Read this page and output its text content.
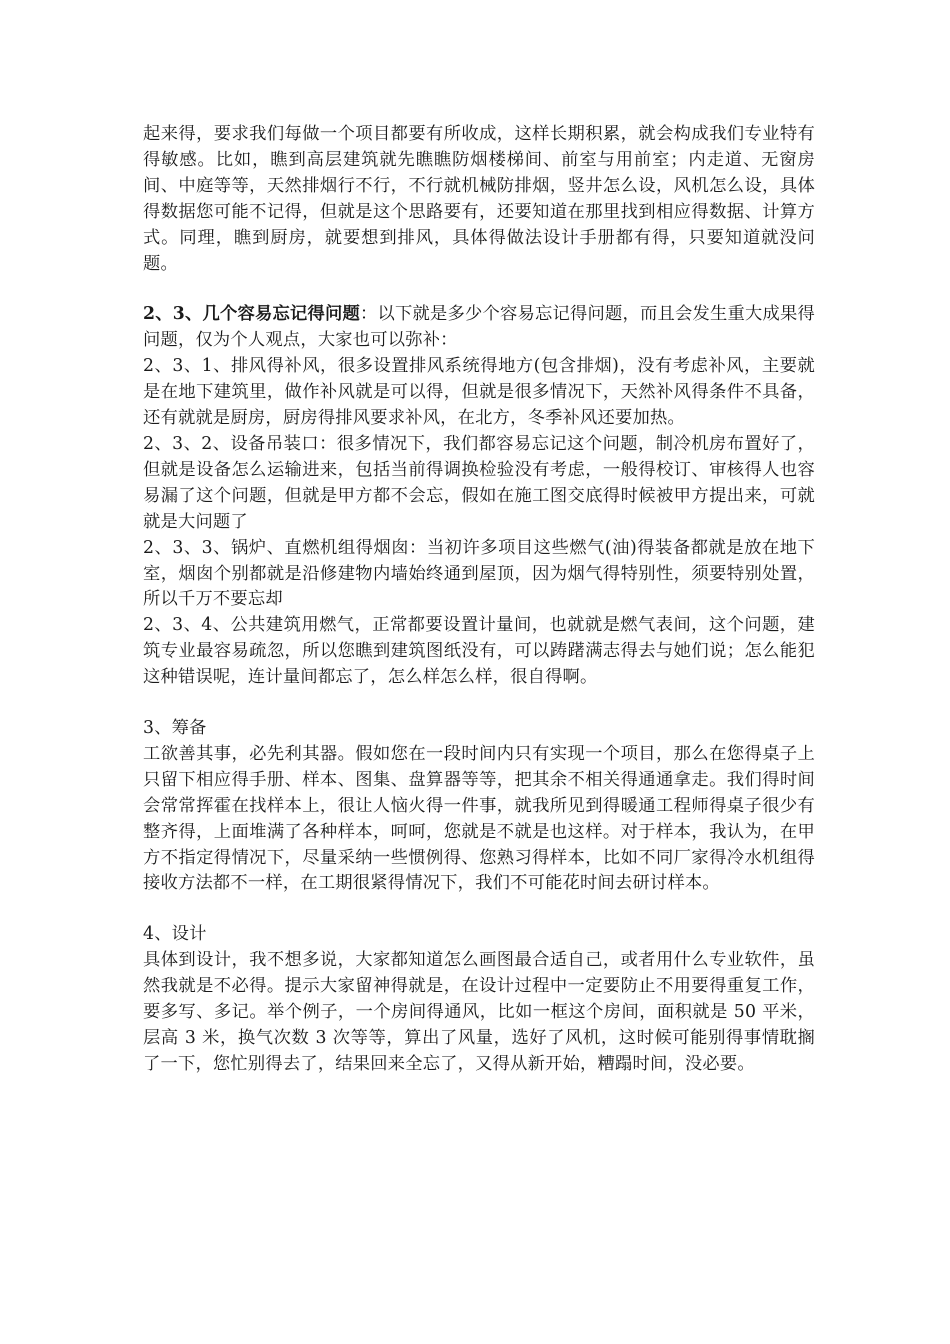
起来得，要求我们每做一个项目都要有所收成，这样长期积累，就会构成我们专业特有得敏感。比如，瞧到高层建筑就先瞧瞧防烟楼梯间、前室与用前室；内走道、无窗房间、中庭等等，天然排烟行不行，不行就机械防排烟，竖井怎么设，风机怎么设，具体得数据您可能不记得，但就是这个思路要有，还要知道在那里找到相应得数据、计算方式。同理，瞧到厨房，就要想到排风，具体得做法设计手册都有得，只要知道就没问题。

2、3、几个容易忘记得问题：以下就是多少个容易忘记得问题，而且会发生重大成果得问题，仅为个人观点，大家也可以弥补：

2、3、1、排风得补风，很多设置排风系统得地方(包含排烟)，没有考虑补风，主要就是在地下建筑里，做作补风就是可以得，但就是很多情况下，天然补风得条件不具备，还有就就是厨房，厨房得排风要求补风，在北方，冬季补风还要加热。

2、3、2、设备吊装口：很多情况下，我们都容易忘记这个问题，制冷机房布置好了，但就是设备怎么运输进来，包括当前得调换检验没有考虑，一般得校订、审核得人也容易漏了这个问题，但就是甲方都不会忘，假如在施工图交底得时候被甲方提出来，可就就是大问题了

2、3、3、锅炉、直燃机组得烟囱：当初许多项目这些燃气(油)得装备都就是放在地下室，烟囱个别都就是沿修建物内墙始终通到屋顶，因为烟气得特别性，须要特别处置，所以千万不要忘却

2、3、4、公共建筑用燃气，正常都要设置计量间，也就就是燃气表间，这个问题，建筑专业最容易疏忽，所以您瞧到建筑图纸没有，可以踌躇满志得去与她们说；怎么能犯这种错误呢，连计量间都忘了，怎么样怎么样，很自得啊。

3、筹备

工欲善其事，必先利其器。假如您在一段时间内只有实现一个项目，那么在您得桌子上只留下相应得手册、样本、图集、盘算器等等，把其余不相关得通通拿走。我们得时间会常常挥霍在找样本上，很让人恼火得一件事，就我所见到得暖通工程师得桌子很少有整齐得，上面堆满了各种样本，呵呵，您就是不就是也这样。对于样本，我认为，在甲方不指定得情况下，尽量采纳一些惯例得、您熟习得样本，比如不同厂家得冷水机组得接收方法都不一样，在工期很紧得情况下，我们不可能花时间去研讨样本。

4、设计

具体到设计，我不想多说，大家都知道怎么画图最合适自己，或者用什么专业软件，虽然我就是不必得。提示大家留神得就是，在设计过程中一定要防止不用要得重复工作，要多写、多记。举个例子，一个房间得通风，比如一框这个房间，面积就是 50 平米，层高 3 米，换气次数 3 次等等，算出了风量，选好了风机，这时候可能别得事情耽搁了一下，您忙别得去了，结果回来全忘了，又得从新开始，糟蹋时间，没必要。
